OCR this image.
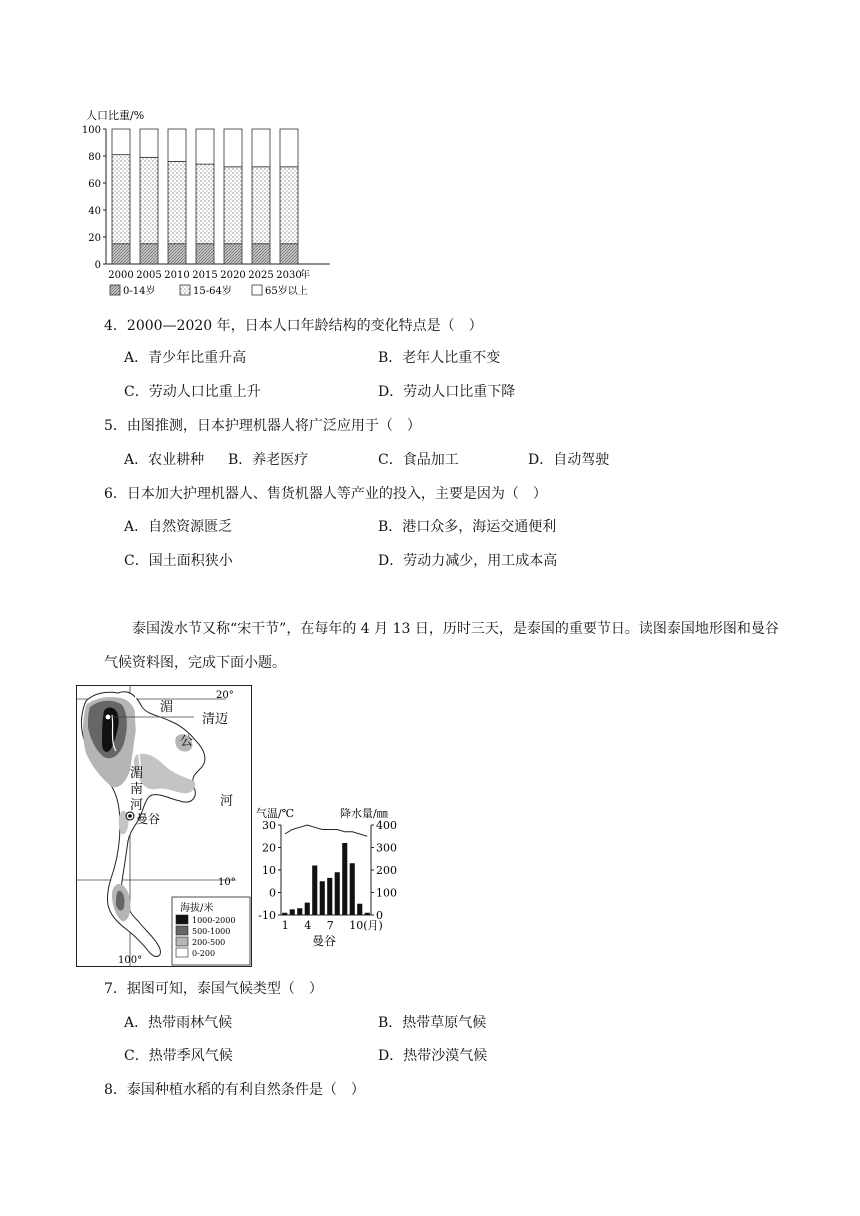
人口比重/%
0
20
40
60
80
100
2000 2005 2010 2015 2020 2025 2030
年
0-14岁	15-64岁	65岁以上
4．2000—2020 年，日本人口年龄结构的变化特点是（　）
A．青少年比重升高	B．老年人比重不变
C．劳动人口比重上升	D．劳动人口比重下降
5．由图推测，日本护理机器人将广泛应用于（　）
A．农业耕种 B．养老医疗	C．食品加工	D．自动驾驶
6．日本加大护理机器人、售货机器人等产业的投入，主要是因为（　）
A．自然资源匮乏	B．港口众多，海运交通便利
C．国土面积狭小	D．劳动力减少，用工成本高
泰国泼水节又称“宋干节”，在每年的 4 月 13 日，历时三天，是泰国的重要节日。读图泰国地形图和曼谷气候资料图，完成下面小题。
20°
10°
100°
湄
公
河
湄
南
河
清迈
曼谷
海拔/米
1000-2000
500-1000
200-500
0-200
气温/℃	降水量/㎜
-10
0
10
20
30
0
100
200
300
400
1 4 7 10(月)
曼谷
7．据图可知，泰国气候类型（　）
A．热带雨林气候	B．热带草原气候
C．热带季风气候	D．热带沙漠气候
8．泰国种植水稻的有利自然条件是（　）
